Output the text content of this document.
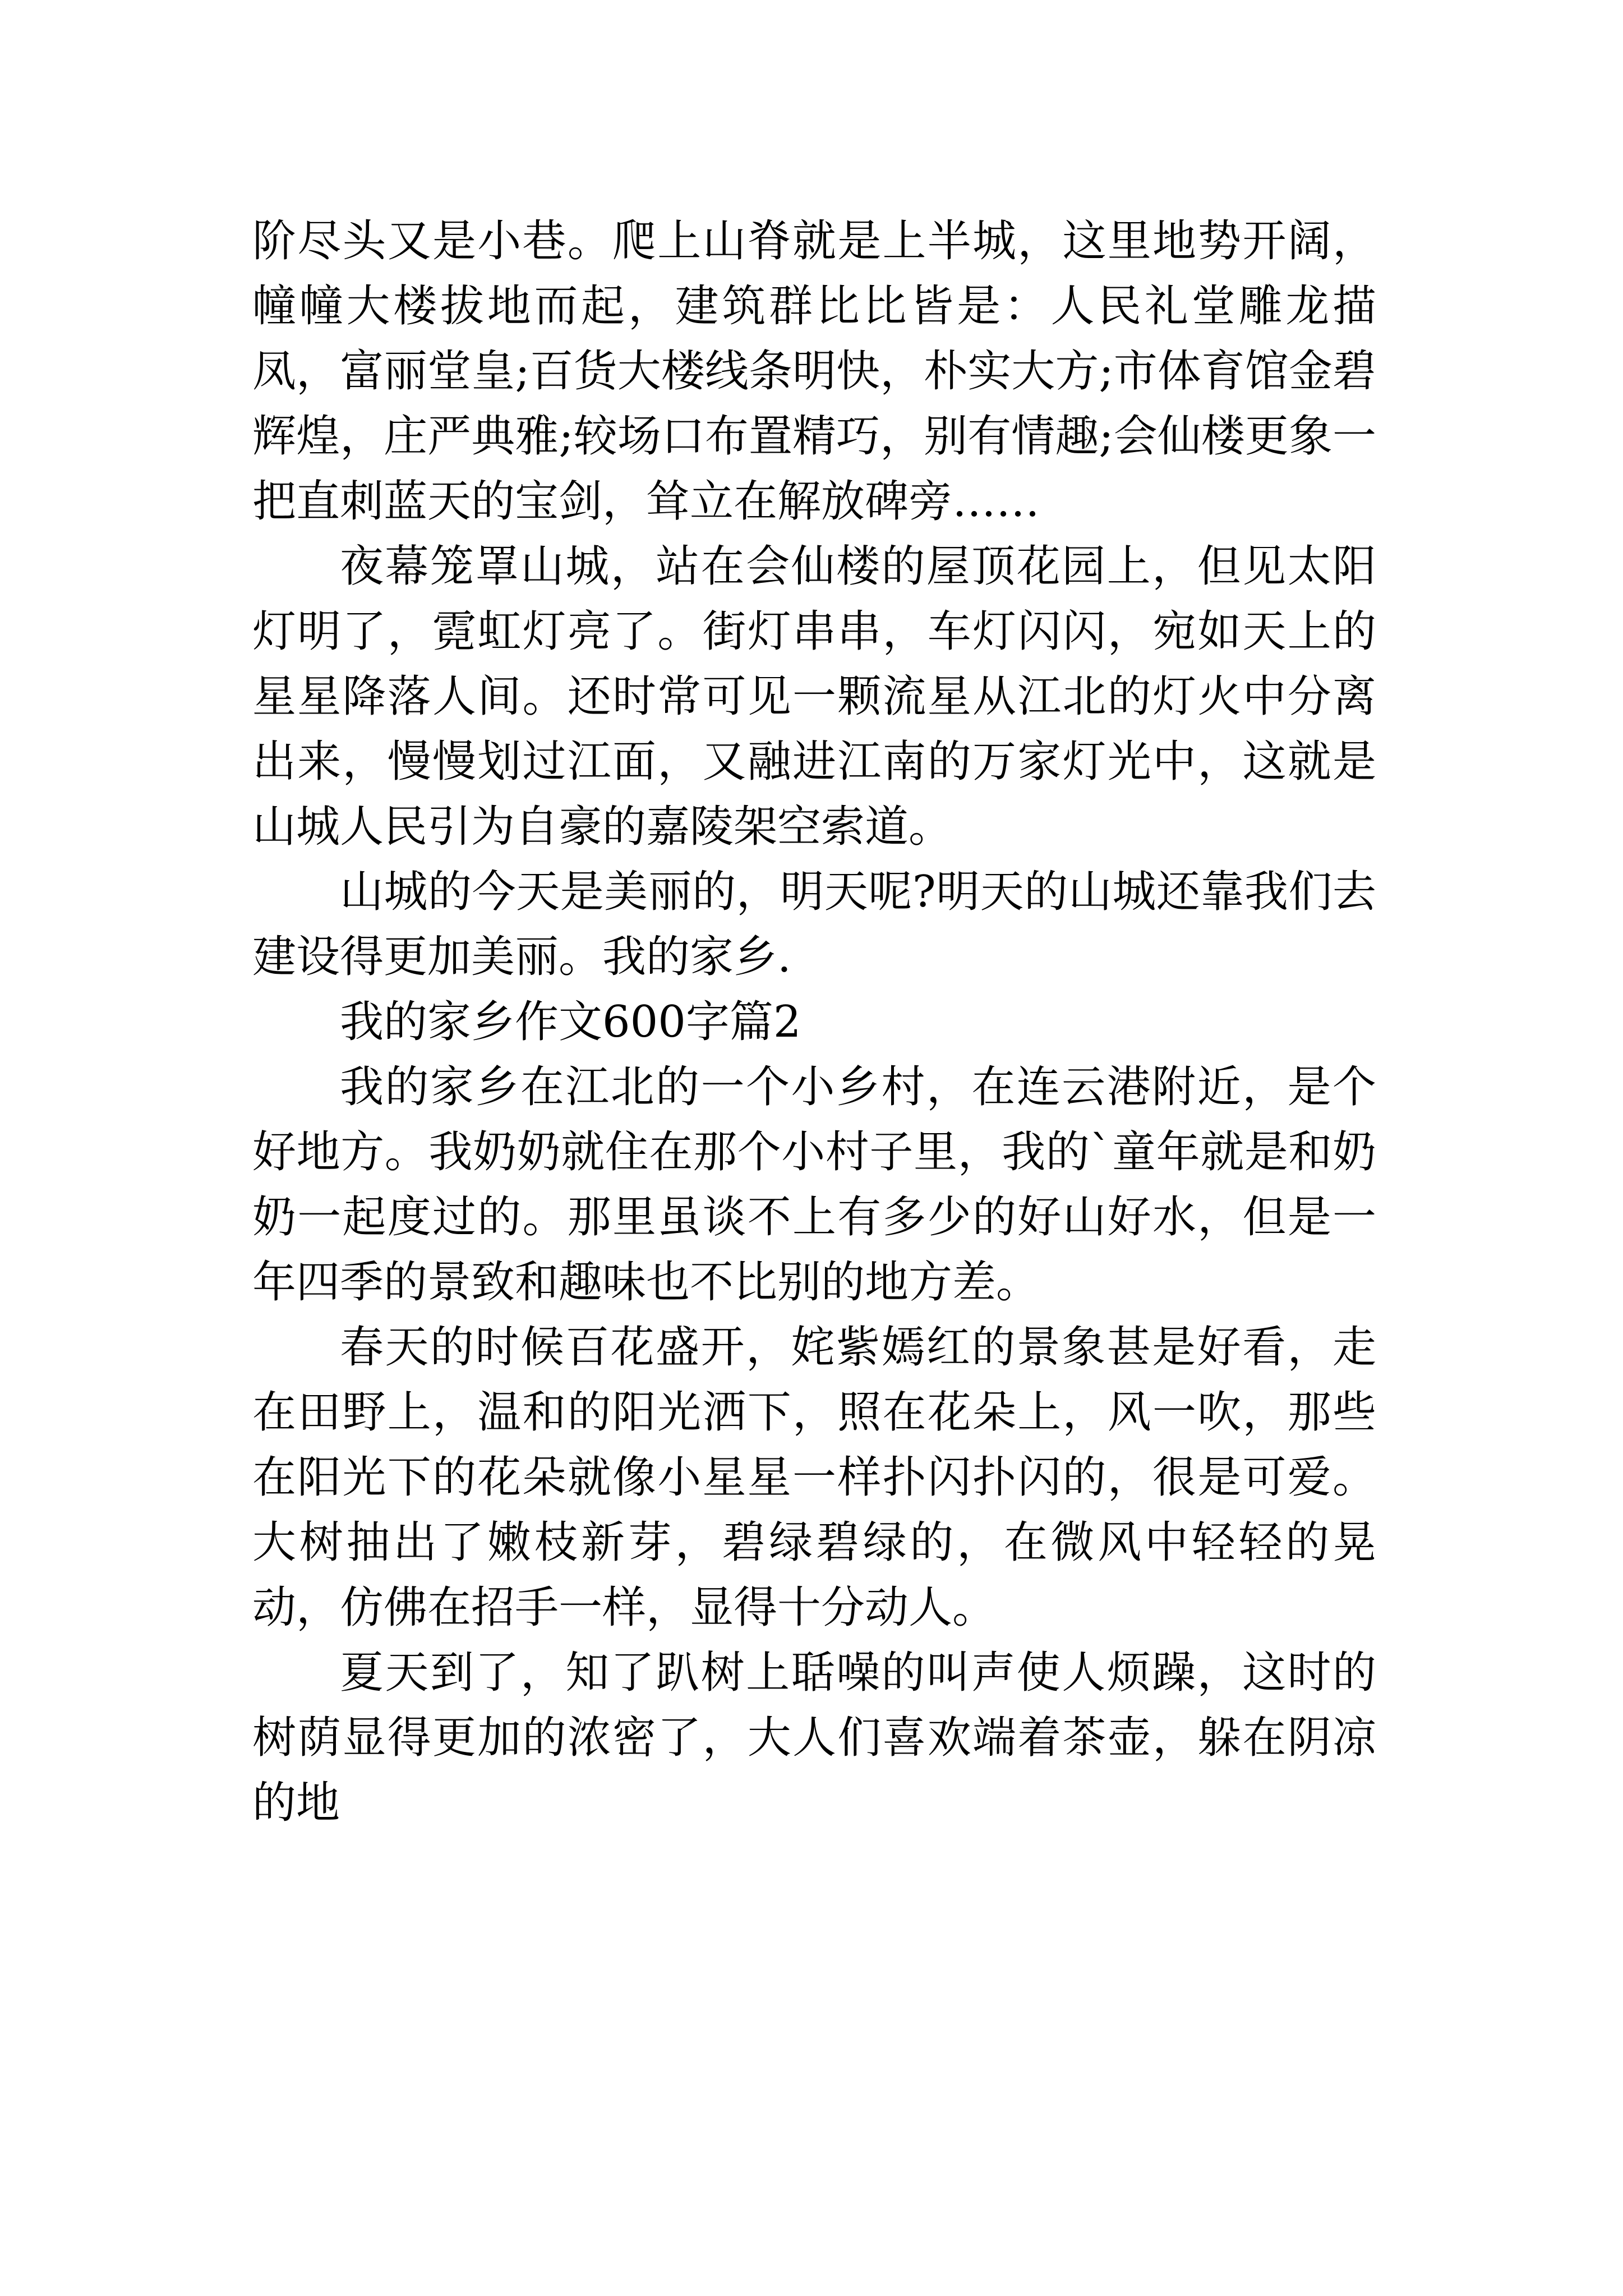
阶尽头又是小巷。爬上山脊就是上半城，这里地势开阔，幢幢大楼拔地而起，建筑群比比皆是：人民礼堂雕龙描凤，富丽堂皇;百货大楼线条明快，朴实大方;市体育馆金碧辉煌，庄严典雅;较场口布置精巧，别有情趣;会仙楼更象一把直刺蓝天的宝剑，耸立在解放碑旁……

夜幕笼罩山城，站在会仙楼的屋顶花园上，但见太阳灯明了，霓虹灯亮了。街灯串串，车灯闪闪，宛如天上的星星降落人间。还时常可见一颗流星从江北的灯火中分离出来，慢慢划过江面，又融进江南的万家灯光中，这就是山城人民引为自豪的嘉陵架空索道。

山城的今天是美丽的，明天呢?明天的山城还靠我们去建设得更加美丽。我的家乡.

我的家乡作文600字篇2

我的家乡在江北的一个小乡村，在连云港附近，是个好地方。我奶奶就住在那个小村子里，我的`童年就是和奶奶一起度过的。那里虽谈不上有多少的好山好水，但是一年四季的景致和趣味也不比别的地方差。

春天的时候百花盛开，姹紫嫣红的景象甚是好看，走在田野上，温和的阳光洒下，照在花朵上，风一吹，那些在阳光下的花朵就像小星星一样扑闪扑闪的，很是可爱。大树抽出了嫩枝新芽，碧绿碧绿的，在微风中轻轻的晃动，仿佛在招手一样，显得十分动人。

夏天到了，知了趴树上聒噪的叫声使人烦躁，这时的树荫显得更加的浓密了，大人们喜欢端着茶壶，躲在阴凉的地
